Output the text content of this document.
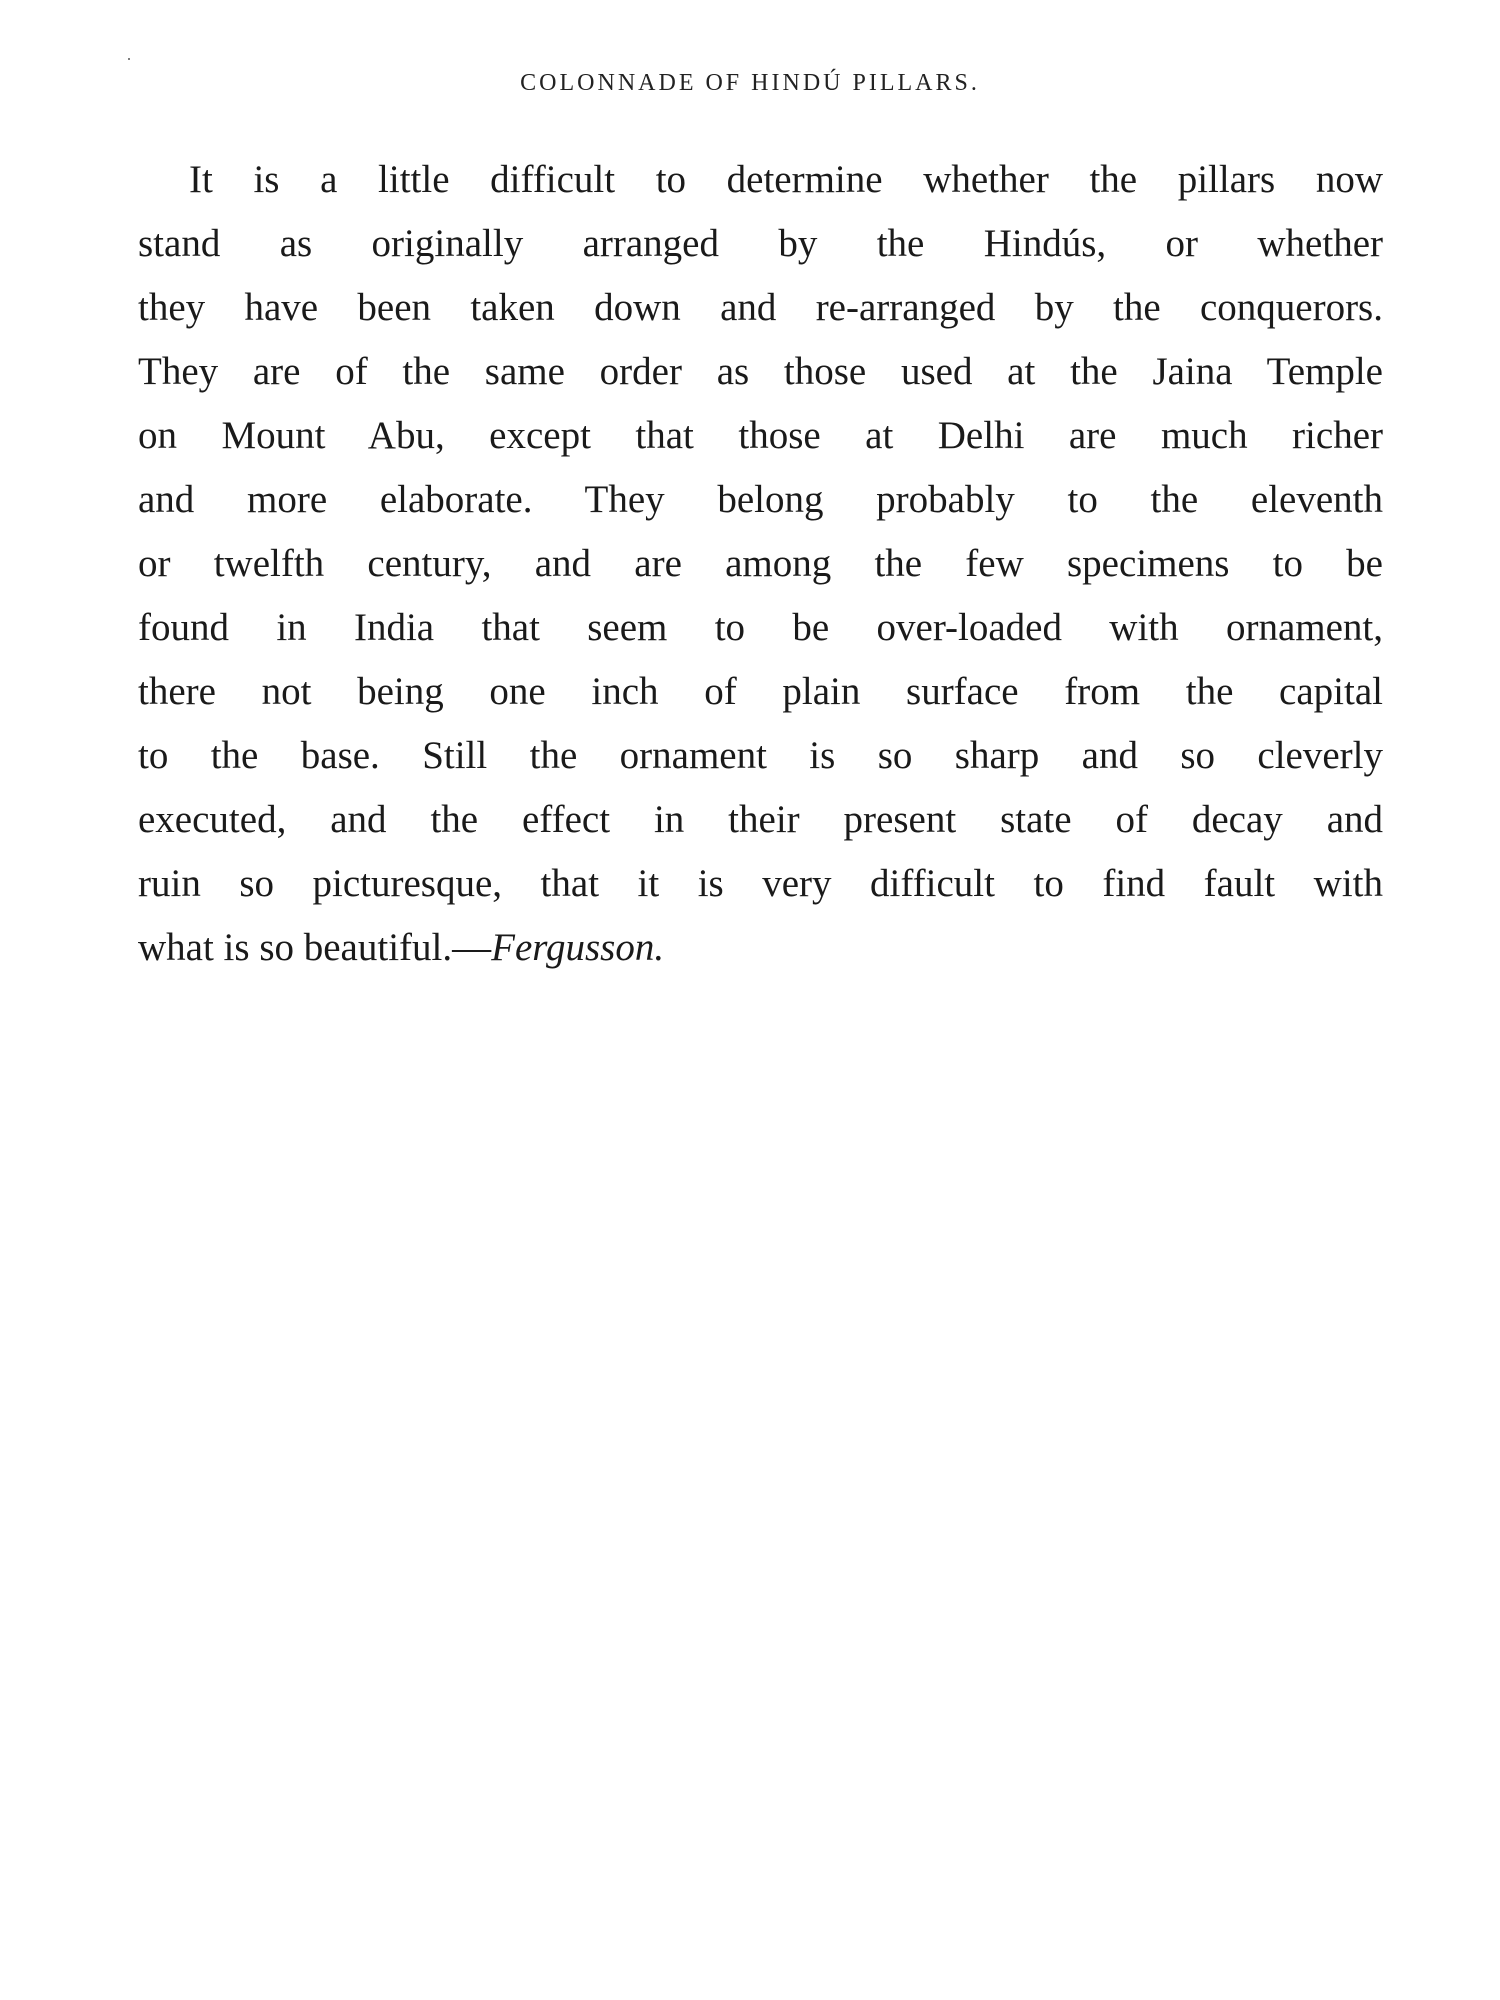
COLONNADE OF HINDÚ PILLARS.
It is a little difficult to determine whether the pillars now
stand as originally arranged by the Hindús, or whether
they have been taken down and re-arranged by the conquerors.
They are of the same order as those used at the Jaina Temple
on Mount Abu, except that those at Delhi are much richer
and more elaborate. They belong probably to the eleventh
or twelfth century, and are among the few specimens to be
found in India that seem to be over-loaded with ornament,
there not being one inch of plain surface from the capital
to the base. Still the ornament is so sharp and so cleverly
executed, and the effect in their present state of decay and
ruin so picturesque, that it is very difficult to find fault with
what is so beautiful.—Fergusson.
